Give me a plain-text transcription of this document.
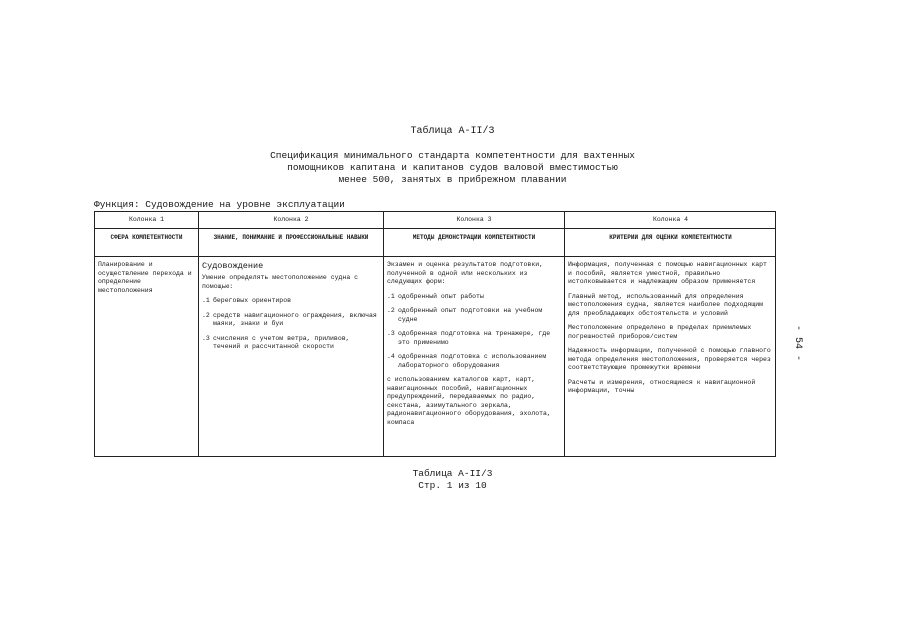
Таблица A-II/3
Спецификация минимального стандарта компетентности для вахтенных
помощников капитана и капитанов судов валовой вместимостью
менее 500, занятых в прибрежном плавании
Функция: Судовождение на уровне эксплуатации
Колонка 1
СФЕРА КОМПЕТЕНТНОСТИ
Планирование и осуществление перехода и определение местоположения
Колонка 2
ЗНАНИЕ, ПОНИМАНИЕ И ПРОФЕССИОНАЛЬНЫЕ НАВЫКИ
Судовождение
Умение определять местоположение судна с помощью:
.1 береговых ориентиров
.2 средств навигационного ограждения, включая маяки, знаки и буи
.3 счисления с учетом ветра, приливов, течений и рассчитанной скорости
Колонка 3
МЕТОДЫ ДЕМОНСТРАЦИИ КОМПЕТЕНТНОСТИ
Экзамен и оценка результатов подготовки, полученной в одной или нескольких из следующих форм:
.1 одобренный опыт работы
.2 одобренный опыт подготовки на учебном судне
.3 одобренная подготовка на тренажере, где это применимо
.4 одобренная подготовка с использованием лабораторного оборудования
с использованием каталогов карт, карт, навигационных пособий, навигационных предупреждений, передаваемых по радио, секстана, азимутального зеркала, радионавигационного оборудования, эхолота, компаса
Колонка 4
КРИТЕРИИ ДЛЯ ОЦЕНКИ КОМПЕТЕНТНОСТИ
Информация, полученная с помощью навигационных карт и пособий, является уместной, правильно истолковывается и надлежащим образом применяется
Главный метод, использованный для определения местоположения судна, является наиболее подходящим для преобладающих обстоятельств и условий
Местоположение определено в пределах приемлемых погрешностей приборов/систем
Надежность информации, полученной с помощью главного метода определения местоположения, проверяется через соответствующие промежутки времени
Расчеты и измерения, относящиеся к навигационной информации, точны
- 54 -
Таблица A-II/3
Стр. 1 из 10
